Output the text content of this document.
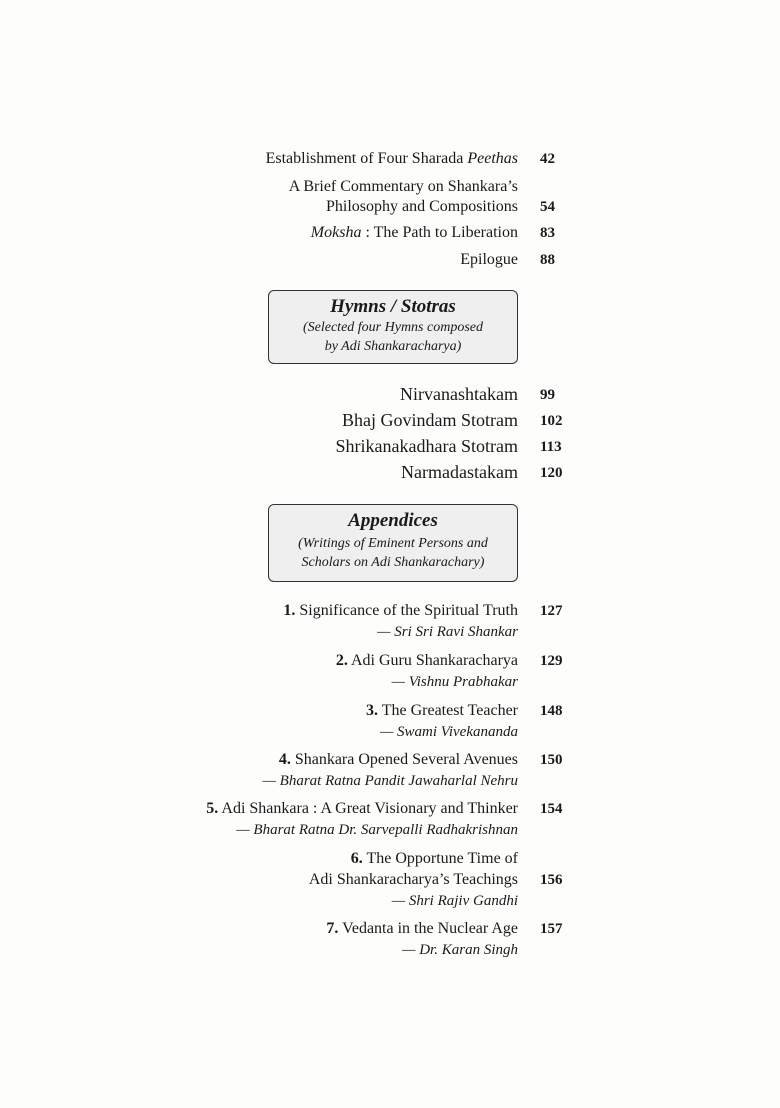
Establishment of Four Sharada Peethas 42
A Brief Commentary on Shankara’s
Philosophy and Compositions 54
Moksha : The Path to Liberation 83
Epilogue 88
Hymns / Stotras
(Selected four Hymns composed
by Adi Shankaracharya)
Nirvanashtakam 99
Bhaj Govindam Stotram 102
Shrikanakadhara Stotram 113
Narmadastakam 120
Appendices
(Writings of Eminent Persons and
Scholars on Adi Shankarachary)
1. Significance of the Spiritual Truth
— Sri Sri Ravi Shankar
127
2. Adi Guru Shankaracharya
— Vishnu Prabhakar
129
3. The Greatest Teacher
— Swami Vivekananda
148
4. Shankara Opened Several Avenues
— Bharat Ratna Pandit Jawaharlal Nehru
150
5. Adi Shankara : A Great Visionary and Thinker
— Bharat Ratna Dr. Sarvepalli Radhakrishnan
154
6. The Opportune Time of
Adi Shankaracharya’s Teachings
— Shri Rajiv Gandhi
156
7. Vedanta in the Nuclear Age
— Dr. Karan Singh
157
